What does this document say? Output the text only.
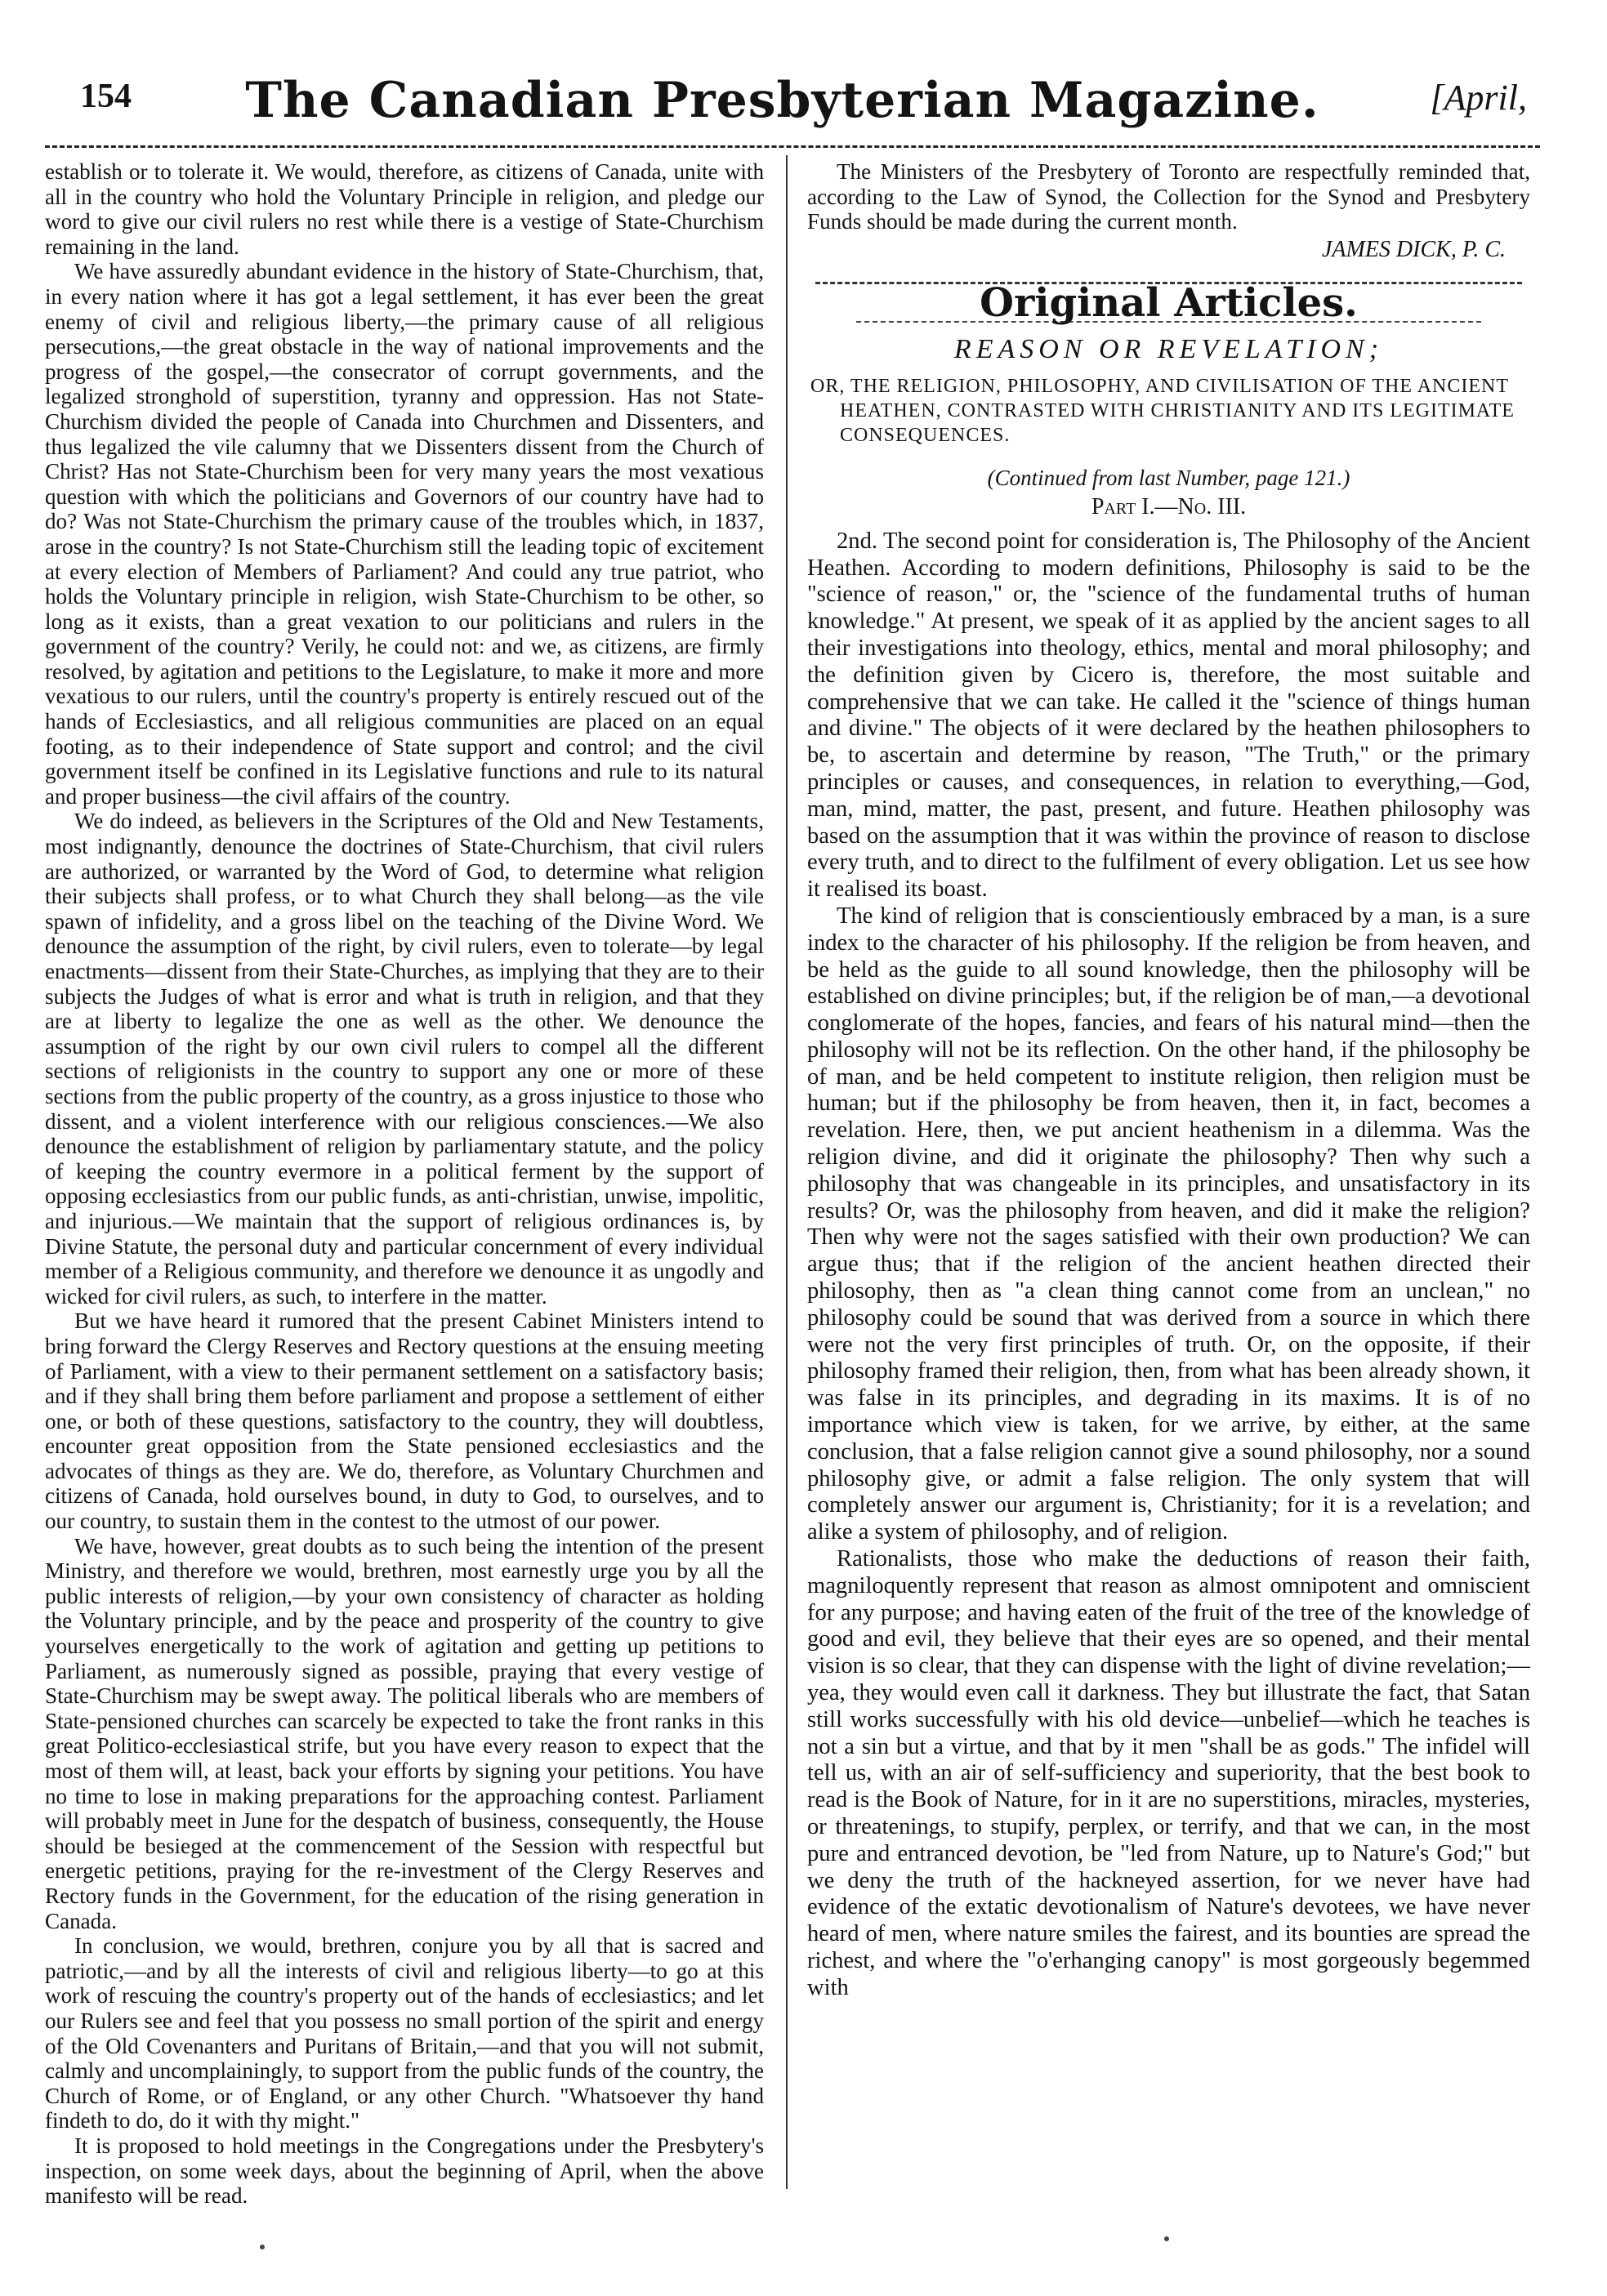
154	The Canadian Presbyterian Magazine.	[April,

establish or to tolerate it. We would, therefore, as citizens of Canada, unite with all in the country who hold the Voluntary Principle in religion, and pledge our word to give our civil rulers no rest while there is a vestige of State-Churchism remaining in the land.

We have assuredly abundant evidence in the history of State-Churchism, that, in every nation where it has got a legal settlement, it has ever been the great enemy of civil and religious liberty,—the primary cause of all religious persecutions,—the great obstacle in the way of national improvements and the progress of the gospel,—the consecrator of corrupt governments, and the legalized stronghold of superstition, tyranny and oppression. Has not State-Churchism divided the people of Canada into Churchmen and Dissenters, and thus legalized the vile calumny that we Dissenters dissent from the Church of Christ? Has not State-Churchism been for very many years the most vexatious question with which the politicians and Governors of our country have had to do? Was not State-Churchism the primary cause of the troubles which, in 1837, arose in the country? Is not State-Churchism still the leading topic of excitement at every election of Members of Parliament? And could any true patriot, who holds the Voluntary principle in religion, wish State-Churchism to be other, so long as it exists, than a great vexation to our politicians and rulers in the government of the country? Verily, he could not: and we, as citizens, are firmly resolved, by agitation and petitions to the Legislature, to make it more and more vexatious to our rulers, until the country's property is entirely rescued out of the hands of Ecclesiastics, and all religious communities are placed on an equal footing, as to their independence of State support and control; and the civil government itself be confined in its Legislative functions and rule to its natural and proper business—the civil affairs of the country.

We do indeed, as believers in the Scriptures of the Old and New Testaments, most indignantly, denounce the doctrines of State-Churchism, that civil rulers are authorized, or warranted by the Word of God, to determine what religion their subjects shall profess, or to what Church they shall belong—as the vile spawn of infidelity, and a gross libel on the teaching of the Divine Word. We denounce the assumption of the right, by civil rulers, even to tolerate—by legal enactments—dissent from their State-Churches, as implying that they are to their subjects the Judges of what is error and what is truth in religion, and that they are at liberty to legalize the one as well as the other. We denounce the assumption of the right by our own civil rulers to compel all the different sections of religionists in the country to support any one or more of these sections from the public property of the country, as a gross injustice to those who dissent, and a violent interference with our religious consciences.—We also denounce the establishment of religion by parliamentary statute, and the policy of keeping the country evermore in a political ferment by the support of opposing ecclesiastics from our public funds, as anti-christian, unwise, impolitic, and injurious.—We maintain that the support of religious ordinances is, by Divine Statute, the personal duty and particular concernment of every individual member of a Religious community, and therefore we denounce it as ungodly and wicked for civil rulers, as such, to interfere in the matter.

But we have heard it rumored that the present Cabinet Ministers intend to bring forward the Clergy Reserves and Rectory questions at the ensuing meeting of Parliament, with a view to their permanent settlement on a satisfactory basis; and if they shall bring them before parliament and propose a settlement of either one, or both of these questions, satisfactory to the country, they will doubtless, encounter great opposition from the State pensioned ecclesiastics and the advocates of things as they are. We do, therefore, as Voluntary Churchmen and citizens of Canada, hold ourselves bound, in duty to God, to ourselves, and to our country, to sustain them in the contest to the utmost of our power.

We have, however, great doubts as to such being the intention of the present Ministry, and therefore we would, brethren, most earnestly urge you by all the public interests of religion,—by your own consistency of character as holding the Voluntary principle, and by the peace and prosperity of the country to give yourselves energetically to the work of agitation and getting up petitions to Parliament, as numerously signed as possible, praying that every vestige of State-Churchism may be swept away. The political liberals who are members of State-pensioned churches can scarcely be expected to take the front ranks in this great Politico-ecclesiastical strife, but you have every reason to expect that the most of them will, at least, back your efforts by signing your petitions. You have no time to lose in making preparations for the approaching contest. Parliament will probably meet in June for the despatch of business, consequently, the House should be besieged at the commencement of the Session with respectful but energetic petitions, praying for the re-investment of the Clergy Reserves and Rectory funds in the Government, for the education of the rising generation in Canada.

In conclusion, we would, brethren, conjure you by all that is sacred and patriotic,—and by all the interests of civil and religious liberty—to go at this work of rescuing the country's property out of the hands of ecclesiastics; and let our Rulers see and feel that you possess no small portion of the spirit and energy of the Old Covenanters and Puritans of Britain,—and that you will not submit, calmly and uncomplainingly, to support from the public funds of the country, the Church of Rome, or of England, or any other Church. "Whatsoever thy hand findeth to do, do it with thy might."

It is proposed to hold meetings in the Congregations under the Presbytery's inspection, on some week days, about the beginning of April, when the above manifesto will be read.

The Ministers of the Presbytery of Toronto are respectfully reminded that, according to the Law of Synod, the Collection for the Synod and Presbytery Funds should be made during the current month.

JAMES DICK, P. C.
Original Articles.
REASON OR REVELATION;
OR, THE RELIGION, PHILOSOPHY, AND CIVILISATION OF THE ANCIENT HEATHEN, CONTRASTED WITH CHRISTIANITY AND ITS LEGITIMATE CONSEQUENCES.
(Continued from last Number, page 121.)
Part I.—No. III.

2nd. The second point for consideration is, The Philosophy of the Ancient Heathen. According to modern definitions, Philosophy is said to be the "science of reason," or, the "science of the fundamental truths of human knowledge." At present, we speak of it as applied by the ancient sages to all their investigations into theology, ethics, mental and moral philosophy; and the definition given by Cicero is, therefore, the most suitable and comprehensive that we can take. He called it the "science of things human and divine." The objects of it were declared by the heathen philosophers to be, to ascertain and determine by reason, "The Truth," or the primary principles or causes, and consequences, in relation to everything,—God, man, mind, matter, the past, present, and future. Heathen philosophy was based on the assumption that it was within the province of reason to disclose every truth, and to direct to the fulfilment of every obligation. Let us see how it realised its boast.

The kind of religion that is conscientiously embraced by a man, is a sure index to the character of his philosophy. If the religion be from heaven, and be held as the guide to all sound knowledge, then the philosophy will be established on divine principles; but, if the religion be of man,—a devotional conglomerate of the hopes, fancies, and fears of his natural mind—then the philosophy will not be its reflection. On the other hand, if the philosophy be of man, and be held competent to institute religion, then religion must be human; but if the philosophy be from heaven, then it, in fact, becomes a revelation. Here, then, we put ancient heathenism in a dilemma. Was the religion divine, and did it originate the philosophy? Then why such a philosophy that was changeable in its principles, and unsatisfactory in its results? Or, was the philosophy from heaven, and did it make the religion? Then why were not the sages satisfied with their own production? We can argue thus; that if the religion of the ancient heathen directed their philosophy, then as "a clean thing cannot come from an unclean," no philosophy could be sound that was derived from a source in which there were not the very first principles of truth. Or, on the opposite, if their philosophy framed their religion, then, from what has been already shown, it was false in its principles, and degrading in its maxims. It is of no importance which view is taken, for we arrive, by either, at the same conclusion, that a false religion cannot give a sound philosophy, nor a sound philosophy give, or admit a false religion. The only system that will completely answer our argument is, Christianity; for it is a revelation; and alike a system of philosophy, and of religion.

Rationalists, those who make the deductions of reason their faith, magniloquently represent that reason as almost omnipotent and omniscient for any purpose; and having eaten of the fruit of the tree of the knowledge of good and evil, they believe that their eyes are so opened, and their mental vision is so clear, that they can dispense with the light of divine revelation;—yea, they would even call it darkness. They but illustrate the fact, that Satan still works successfully with his old device—unbelief—which he teaches is not a sin but a virtue, and that by it men "shall be as gods." The infidel will tell us, with an air of self-sufficiency and superiority, that the best book to read is the Book of Nature, for in it are no superstitions, miracles, mysteries, or threatenings, to stupify, perplex, or terrify, and that we can, in the most pure and entranced devotion, be "led from Nature, up to Nature's God;" but we deny the truth of the hackneyed assertion, for we never have had evidence of the extatic devotionalism of Nature's devotees, we have never heard of men, where nature smiles the fairest, and its bounties are spread the richest, and where the "o'erhanging canopy" is most gorgeously begemmed with
